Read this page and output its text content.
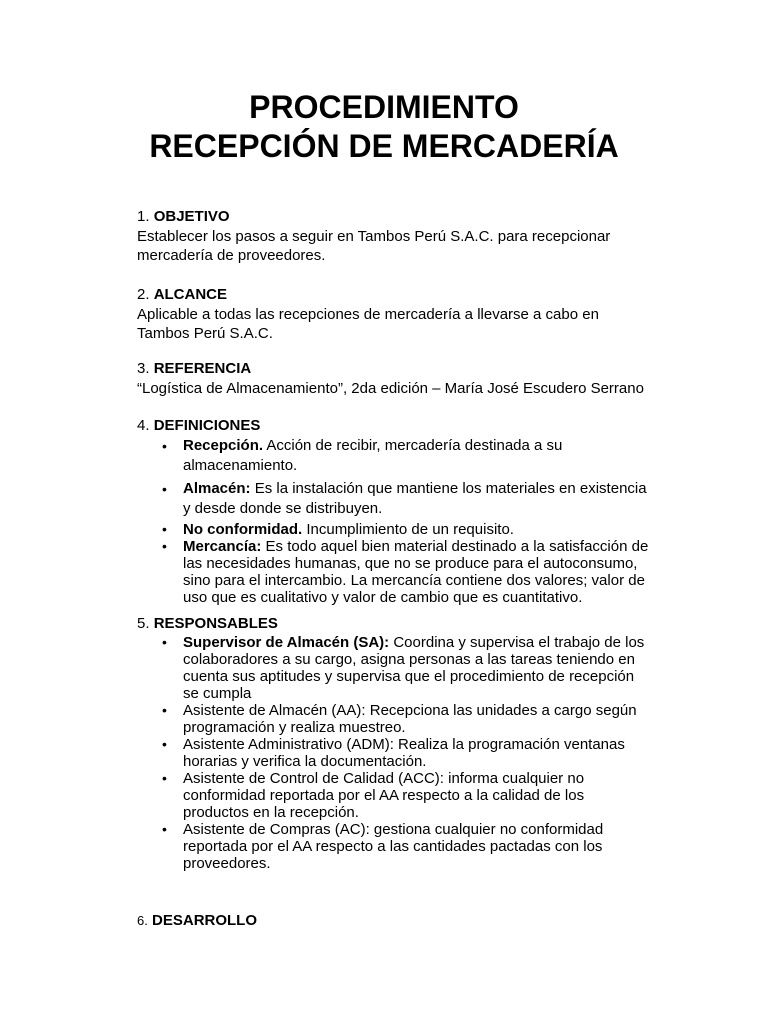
PROCEDIMIENTO
RECEPCIÓN DE MERCADERÍA

1. OBJETIVO

Establecer los pasos a seguir en Tambos Perú S.A.C. para recepcionar

mercadería de proveedores.

2. ALCANCE

Aplicable a todas las recepciones de mercadería a llevarse a cabo en

Tambos Perú S.A.C.

3. REFERENCIA

“Logística de Almacenamiento”, 2da edición – María José Escudero Serrano

4. DEFINICIONES

• Recepción. Acción de recibir, mercadería destinada a su
almacenamiento.
• Almacén: Es la instalación que mantiene los materiales en existencia
y desde donde se distribuyen.
• No conformidad. Incumplimiento de un requisito.
• Mercancía: Es todo aquel bien material destinado a la satisfacción de
las necesidades humanas, que no se produce para el autoconsumo,
sino para el intercambio. La mercancía contiene dos valores; valor de
uso que es cualitativo y valor de cambio que es cuantitativo.

5. RESPONSABLES

• Supervisor de Almacén (SA): Coordina y supervisa el trabajo de los
colaboradores a su cargo, asigna personas a las tareas teniendo en
cuenta sus aptitudes y supervisa que el procedimiento de recepción
se cumpla
• Asistente de Almacén (AA): Recepciona las unidades a cargo según
programación y realiza muestreo.
• Asistente Administrativo (ADM): Realiza la programación ventanas
horarias y verifica la documentación.
• Asistente de Control de Calidad (ACC): informa cualquier no
conformidad reportada por el AA respecto a la calidad de los
productos en la recepción.
• Asistente de Compras (AC): gestiona cualquier no conformidad
reportada por el AA respecto a las cantidades pactadas con los
proveedores.

6. DESARROLLO
